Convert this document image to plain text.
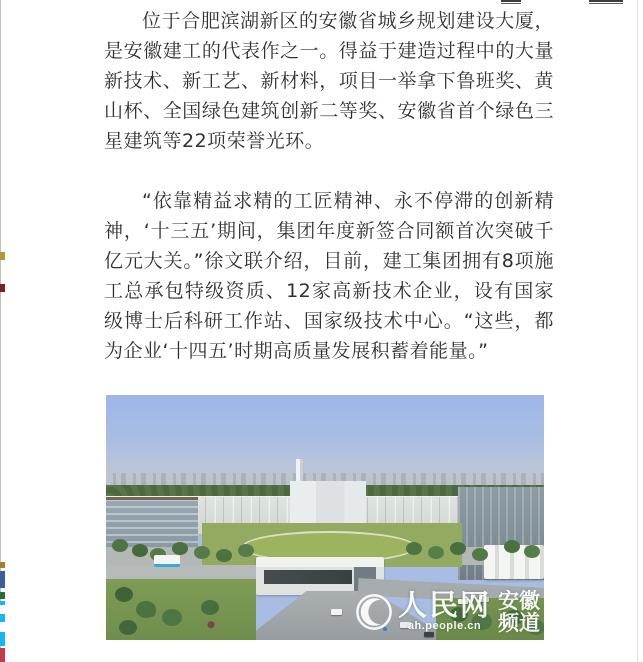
位于合肥滨湖新区的安徽省城乡规划建设大厦，是安徽建工的代表作之一。得益于建造过程中的大量新技术、新工艺、新材料，项目一举拿下鲁班奖、黄山杯、全国绿色建筑创新二等奖、安徽省首个绿色三星建筑等22项荣誉光环。

“依靠精益求精的工匠精神、永不停滞的创新精神，‘十三五’期间，集团年度新签合同额首次突破千亿元大关。”徐文联介绍，目前，建工集团拥有8项施工总承包特级资质、12家高新技术企业，设有国家级博士后科研工作站、国家级技术中心。“这些，都为企业‘十四五’时期高质量发展积蓄着能量。”

人民网
ah.people.cn
安徽
频道
